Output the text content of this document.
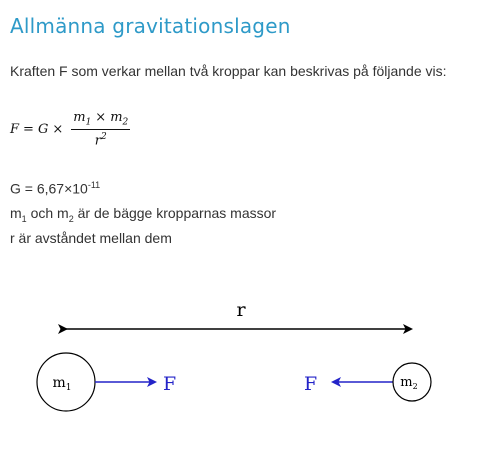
Allmänna gravitationslagen

Kraften F som verkar mellan två kroppar kan beskrivas på följande vis:

$F = G \times \frac{m_1 \times m_2}{r^2}$

$G = 6,67\times 10^{-11}$

$m_1$ och $m_2$ är de bägge kropparnas massor

r är avståndet mellan dem

r
$m_1$	F	F	$m_2$
